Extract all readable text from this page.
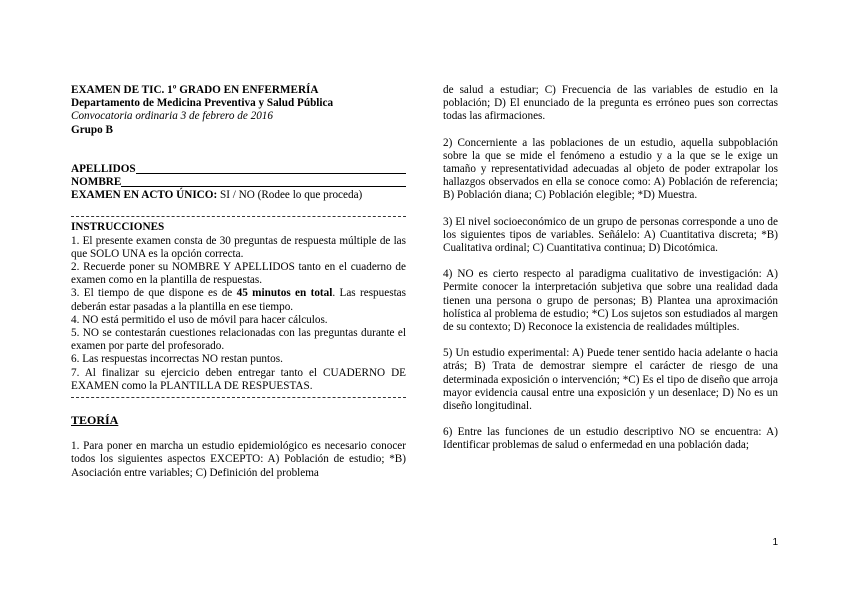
EXAMEN DE TIC. 1º GRADO EN ENFERMERÍA
Departamento de Medicina Preventiva y Salud Pública
Convocatoria ordinaria 3 de febrero de 2016
Grupo B
APELLIDOS
NOMBRE
EXAMEN EN ACTO ÚNICO: SI / NO (Rodee lo que proceda)
INSTRUCCIONES

1. El presente examen consta de 30 preguntas de respuesta múltiple de las que SOLO UNA es la opción correcta.

2. Recuerde poner su NOMBRE Y APELLIDOS tanto en el cuaderno de examen como en la plantilla de respuestas.

3. El tiempo de que dispone es de 45 minutos en total. Las respuestas deberán estar pasadas a la plantilla en ese tiempo.

4. NO está permitido el uso de móvil para hacer cálculos.

5. NO se contestarán cuestiones relacionadas con las preguntas durante el examen por parte del profesorado.

6. Las respuestas incorrectas NO restan puntos.

7. Al finalizar su ejercicio deben entregar tanto el CUADERNO DE EXAMEN como la PLANTILLA DE RESPUESTAS.

TEORÍA

1. Para poner en marcha un estudio epidemiológico es necesario conocer todos los siguientes aspectos EXCEPTO: A) Población de estudio; *B) Asociación entre variables; C) Definición del problema

de salud a estudiar; C) Frecuencia de las variables de estudio en la población; D) El enunciado de la pregunta es erróneo pues son correctas todas las afirmaciones.

2) Concerniente a las poblaciones de un estudio, aquella subpoblación sobre la que se mide el fenómeno a estudio y a la que se le exige un tamaño y representatividad adecuadas al objeto de poder extrapolar los hallazgos observados en ella se conoce como: A) Población de referencia; B) Población diana; C) Población elegible; *D) Muestra.

3) El nivel socioeconómico de un grupo de personas corresponde a uno de los siguientes tipos de variables. Señálelo: A) Cuantitativa discreta; *B) Cualitativa ordinal; C) Cuantitativa continua; D) Dicotómica.

4) NO es cierto respecto al paradigma cualitativo de investigación: A) Permite conocer la interpretación subjetiva que sobre una realidad dada tienen una persona o grupo de personas; B) Plantea una aproximación holística al problema de estudio; *C) Los sujetos son estudiados al margen de su contexto; D) Reconoce la existencia de realidades múltiples.

5) Un estudio experimental: A) Puede tener sentido hacia adelante o hacia atrás; B) Trata de demostrar siempre el carácter de riesgo de una determinada exposición o intervención; *C) Es el tipo de diseño que arroja mayor evidencia causal entre una exposición y un desenlace; D) No es un diseño longitudinal.

6) Entre las funciones de un estudio descriptivo NO se encuentra: A) Identificar problemas de salud o enfermedad en una población dada;

1
